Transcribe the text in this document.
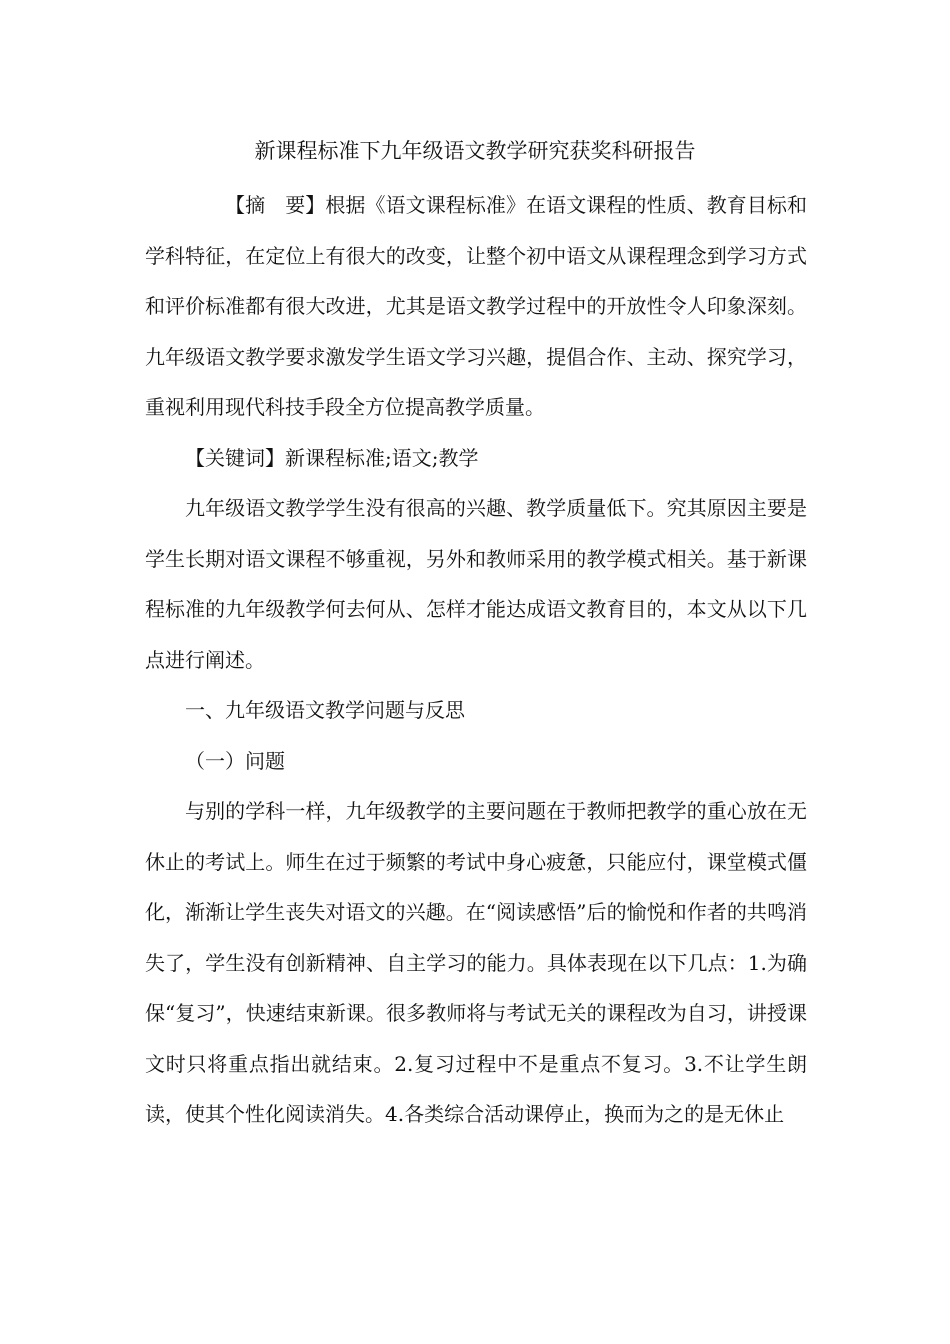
新课程标准下九年级语文教学研究获奖科研报告

【摘　要】根据《语文课程标准》在语文课程的性质、教育目标和学科特征，在定位上有很大的改变，让整个初中语文从课程理念到学习方式和评价标准都有很大改进，尤其是语文教学过程中的开放性令人印象深刻。九年级语文教学要求激发学生语文学习兴趣，提倡合作、主动、探究学习，重视利用现代科技手段全方位提高教学质量。

【关键词】新课程标准;语文;教学

九年级语文教学学生没有很高的兴趣、教学质量低下。究其原因主要是学生长期对语文课程不够重视，另外和教师采用的教学模式相关。基于新课程标准的九年级教学何去何从、怎样才能达成语文教育目的，本文从以下几点进行阐述。

一、九年级语文教学问题与反思

（一）问题

与别的学科一样，九年级教学的主要问题在于教师把教学的重心放在无休止的考试上。师生在过于频繁的考试中身心疲惫，只能应付，课堂模式僵化，渐渐让学生丧失对语文的兴趣。在“阅读感悟”后的愉悦和作者的共鸣消失了，学生没有创新精神、自主学习的能力。具体表现在以下几点：1.为确保“复习”，快速结束新课。很多教师将与考试无关的课程改为自习，讲授课文时只将重点指出就结束。2.复习过程中不是重点不复习。3.不让学生朗读，使其个性化阅读消失。4.各类综合活动课停止，换而为之的是无休止
